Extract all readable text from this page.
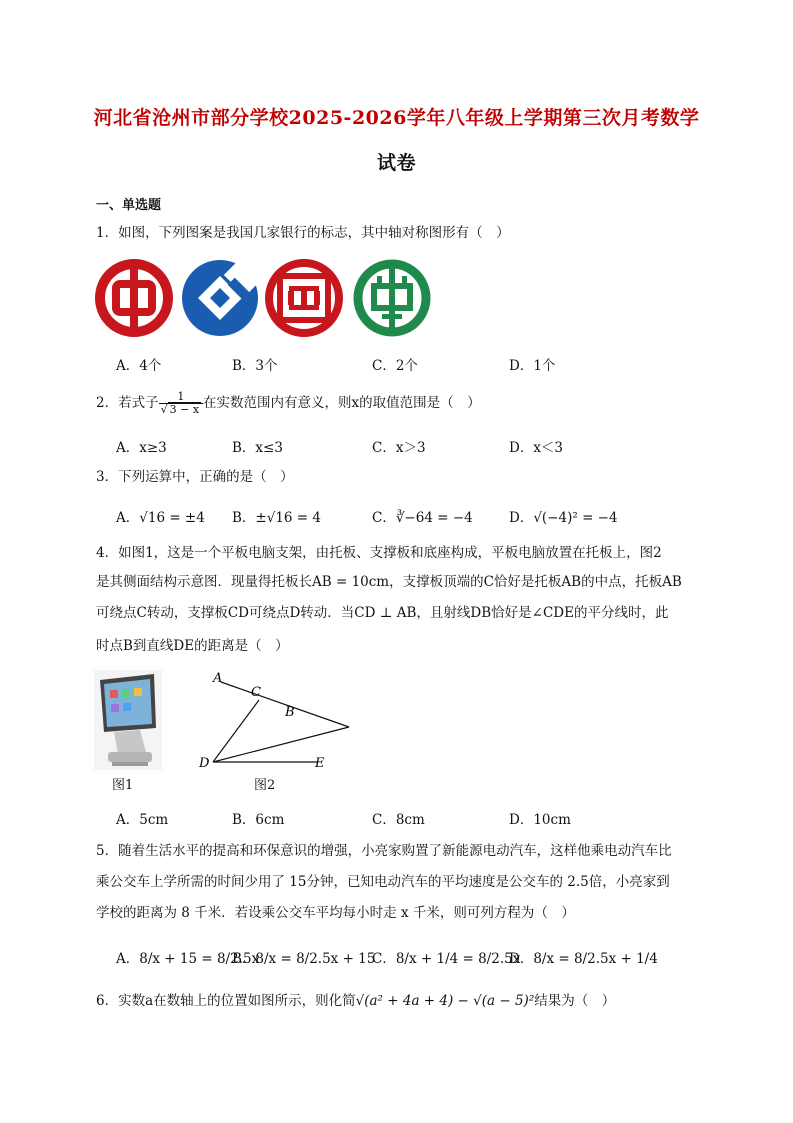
河北省沧州市部分学校2025-2026学年八年级上学期第三次月考数学
试卷
一、单选题
1．如图，下列图案是我国几家银行的标志，其中轴对称图形有（　）
A．4个	B．3个	C．2个	D．1个
2．若式子 $\frac{1}{√ 3 - x}$ 在实数范围内有意义，则x的取值范围是（　）
A．x≥3	B．x≤3	C．x＞3	D．x＜3
3．下列运算中，正确的是（　）
A．√16 = ±4 B．±√16 = 4	C．∛−64 = −4	D．√(−4)² = −4
4．如图1，这是一个平板电脑支架，由托板、支撑板和底座构成，平板电脑放置在托板上，图2
是其侧面结构示意图．现量得托板长AB = 10cm，支撑板顶端的C恰好是托板AB的中点，托板AB
可绕点C转动，支撑板CD可绕点D转动．当CD ⊥ AB，且射线DB恰好是∠CDE的平分线时，此
时点B到直线DE的距离是（　）
A
C
B
D	E
图1	图2
A．5cm	B．6cm	C．8cm	D．10cm
5．随着生活水平的提高和环保意识的增强，小亮家购置了新能源电动汽车，这样他乘电动汽车比
乘公交车上学所需的时间少用了 15分钟，已知电动汽车的平均速度是公交车的 2.5倍，小亮家到
学校的距离为 8 千米．若设乘公交车平均每小时走 x 千米，则可列方程为（　）
A．8/x + 15 = 8/2.5x
B．8/x = 8/2.5x + 15
C．8/x + 1/4 = 8/2.5x
D．8/x = 8/2.5x + 1/4
6．实数a在数轴上的位置如图所示，则化简√(a² + 4a + 4) − √(a − 5)²结果为（　）
